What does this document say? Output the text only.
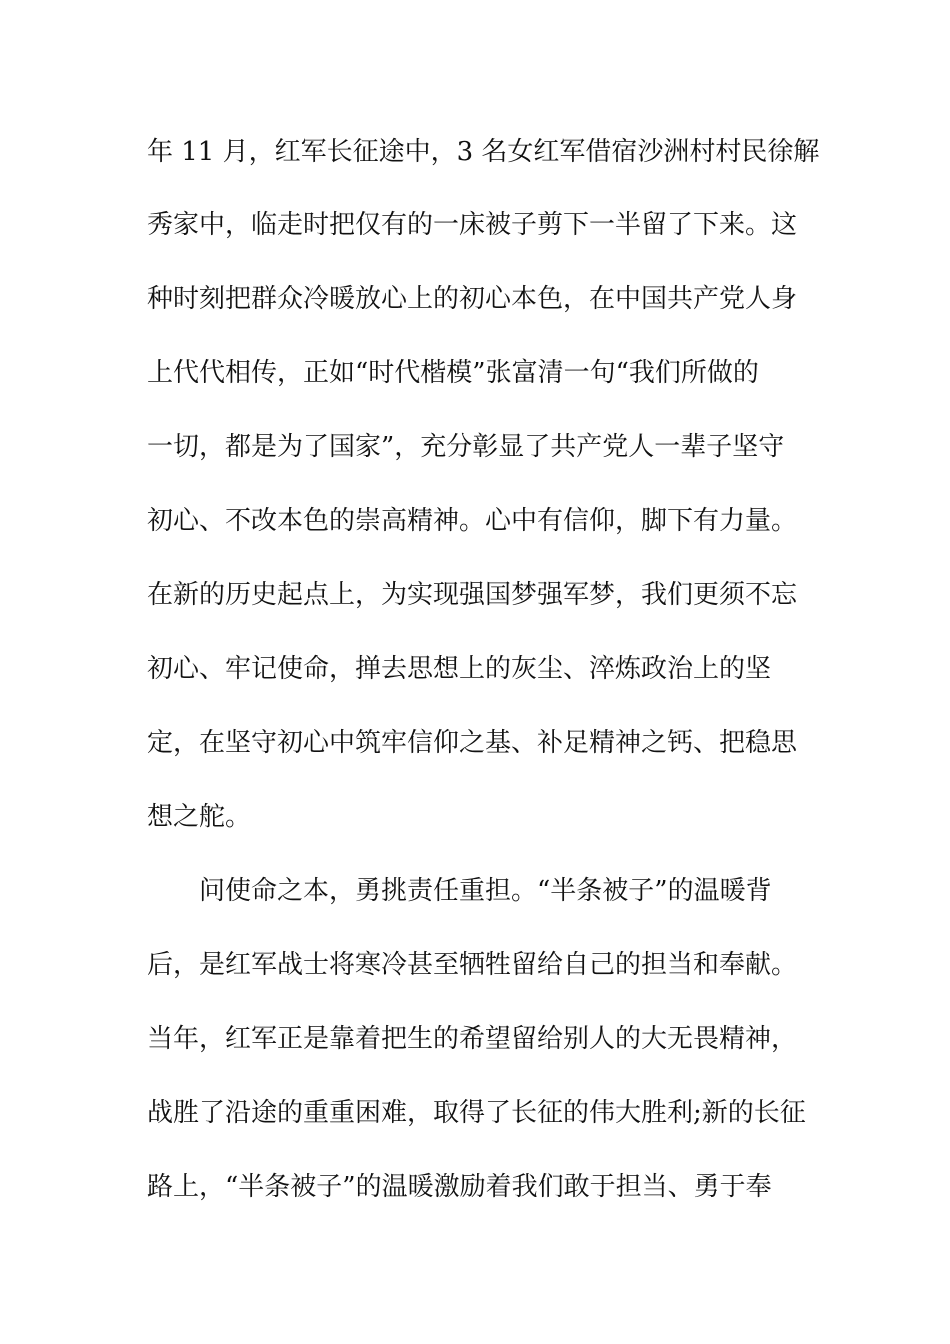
年 11 月，红军长征途中，3 名女红军借宿沙洲村村民徐解

秀家中，临走时把仅有的一床被子剪下一半留了下来。这

种时刻把群众冷暖放心上的初心本色，在中国共产党人身

上代代相传，正如“时代楷模”张富清一句“我们所做的

一切，都是为了国家”，充分彰显了共产党人一辈子坚守

初心、不改本色的崇高精神。心中有信仰，脚下有力量。

在新的历史起点上，为实现强国梦强军梦，我们更须不忘

初心、牢记使命，掸去思想上的灰尘、淬炼政治上的坚

定，在坚守初心中筑牢信仰之基、补足精神之钙、把稳思

想之舵。

问使命之本，勇挑责任重担。“半条被子”的温暖背

后，是红军战士将寒冷甚至牺牲留给自己的担当和奉献。

当年，红军正是靠着把生的希望留给别人的大无畏精神，

战胜了沿途的重重困难，取得了长征的伟大胜利;新的长征

路上，“半条被子”的温暖激励着我们敢于担当、勇于奉
